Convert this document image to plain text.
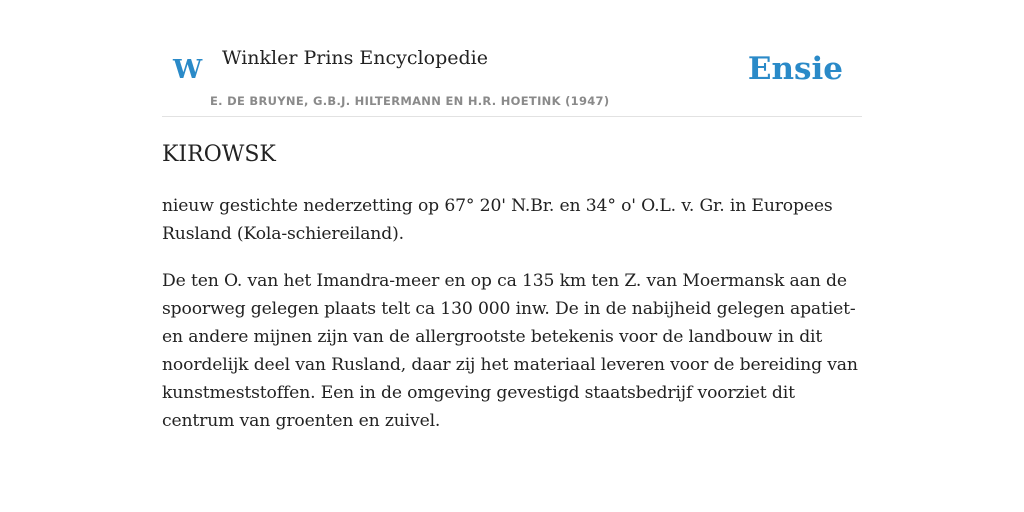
W Winkler Prins Encyclopedie
E. DE BRUYNE, G.B.J. HILTERMANN EN H.R. HOETINK (1947)
Ensie
KIROWSK

nieuw gestichte nederzetting op 67° 20' N.Br. en 34° o' O.L. v. Gr. in Europees Rusland (Kola-schiereiland).

De ten O. van het Imandra-meer en op ca 135 km ten Z. van Moermansk aan de spoorweg gelegen plaats telt ca 130 000 inw. De in de nabijheid gelegen apatiet- en andere mijnen zijn van de allergrootste betekenis voor de landbouw in dit noordelijk deel van Rusland, daar zij het materiaal leveren voor de bereiding van kunstmeststoffen. Een in de omgeving gevestigd staatsbedrijf voorziet dit centrum van groenten en zuivel.
